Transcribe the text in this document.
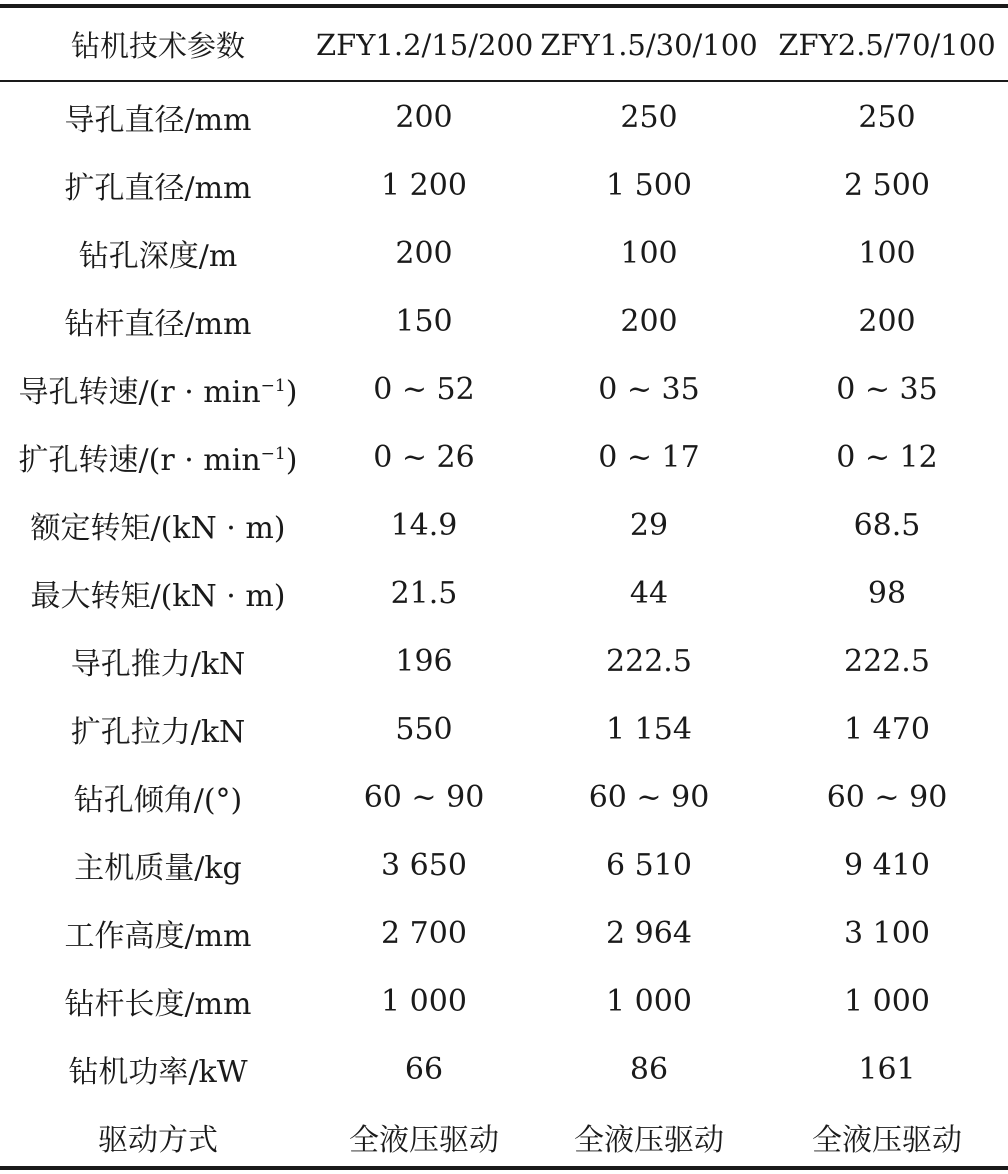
钻机技术参数	ZFY1.2/15/200	ZFY1.5/30/100	ZFY2.5/70/100

导孔直径/mm	200	250	250
扩孔直径/mm	1 200	1 500	2 500
钻孔深度/m	200	100	100
钻杆直径/mm	150	200	200
导孔转速$/(r \cdot \min^{-1})$	0 ~ 52	0 ~ 35	0 ~ 35
扩孔转速$/(r \cdot \min^{-1})$	0 ~ 26	0 ~ 17	0 ~ 12
额定转矩/(kN · m)	14.9	29	68.5
最大转矩/(kN · m)	21.5	44	98
导孔推力/kN	196	222.5	222.5
扩孔拉力/kN	550	1 154	1 470
钻孔倾角/(°)	60 ~ 90	60 ~ 90	60 ~ 90
主机质量/kg	3 650	6 510	9 410
工作高度/mm	2 700	2 964	3 100
钻杆长度/mm	1 000	1 000	1 000
钻机功率/kW	66	86	161
驱动方式	全液压驱动	全液压驱动	全液压驱动
